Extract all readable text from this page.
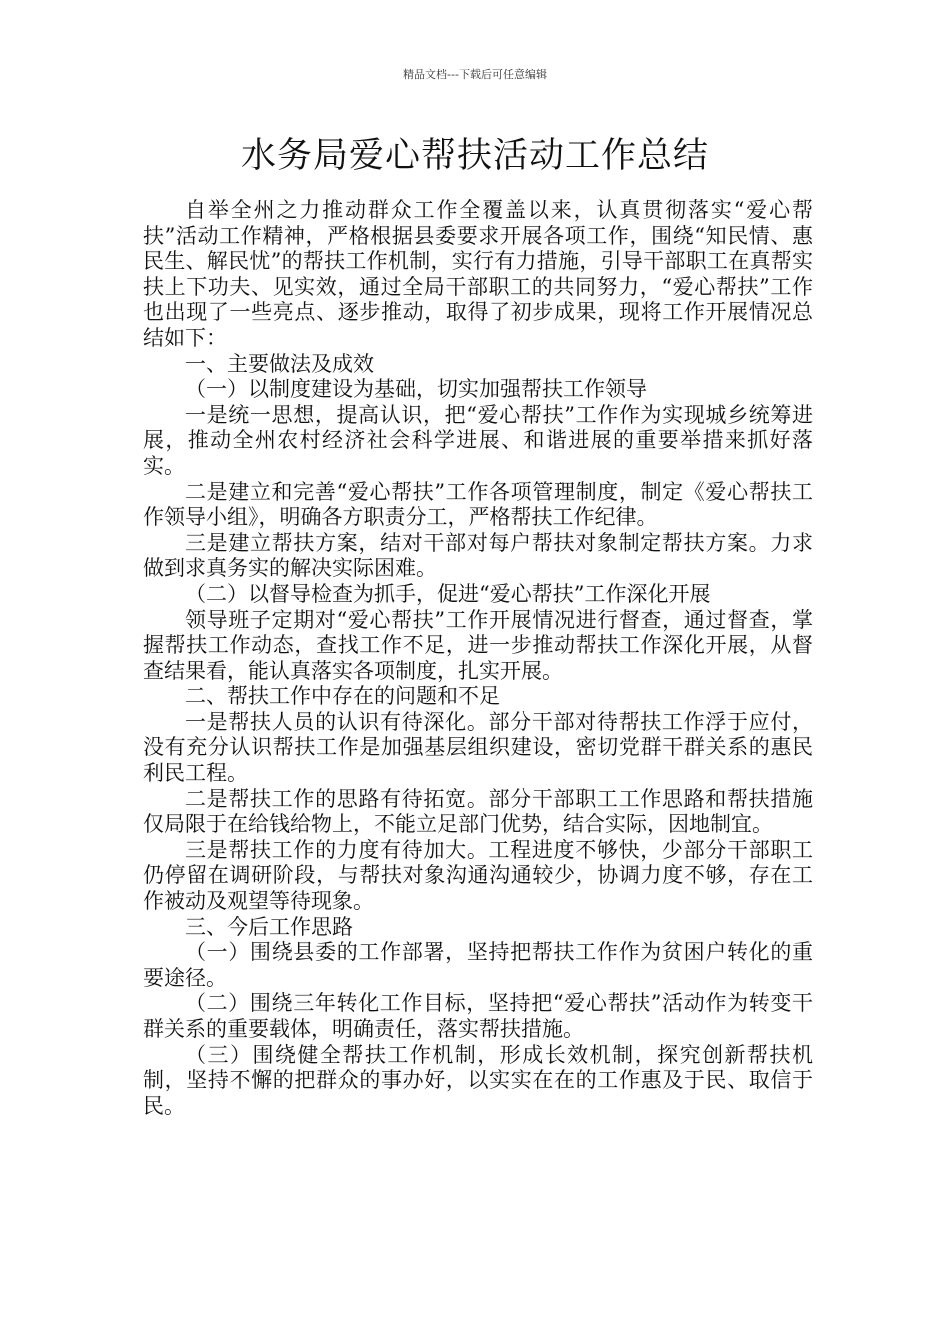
精品文档---下载后可任意编辑
水务局爱心帮扶活动工作总结

自举全州之力推动群众工作全覆盖以来，认真贯彻落实“爱心帮扶”活动工作精神，严格根据县委要求开展各项工作，围绕“知民情、惠民生、解民忧”的帮扶工作机制，实行有力措施，引导干部职工在真帮实扶上下功夫、见实效，通过全局干部职工的共同努力，“爱心帮扶”工作也出现了一些亮点、逐步推动，取得了初步成果，现将工作开展情况总结如下：

一、主要做法及成效

（一）以制度建设为基础，切实加强帮扶工作领导

一是统一思想，提高认识，把“爱心帮扶”工作作为实现城乡统筹进展，推动全州农村经济社会科学进展、和谐进展的重要举措来抓好落实。

二是建立和完善“爱心帮扶”工作各项管理制度，制定《爱心帮扶工作领导小组》，明确各方职责分工，严格帮扶工作纪律。

三是建立帮扶方案，结对干部对每户帮扶对象制定帮扶方案。力求做到求真务实的解决实际困难。

（二）以督导检查为抓手，促进“爱心帮扶”工作深化开展

领导班子定期对“爱心帮扶”工作开展情况进行督查，通过督查，掌握帮扶工作动态，查找工作不足，进一步推动帮扶工作深化开展，从督查结果看，能认真落实各项制度，扎实开展。

二、帮扶工作中存在的问题和不足

一是帮扶人员的认识有待深化。部分干部对待帮扶工作浮于应付，没有充分认识帮扶工作是加强基层组织建设，密切党群干群关系的惠民利民工程。

二是帮扶工作的思路有待拓宽。部分干部职工工作思路和帮扶措施仅局限于在给钱给物上，不能立足部门优势，结合实际，因地制宜。

三是帮扶工作的力度有待加大。工程进度不够快，少部分干部职工仍停留在调研阶段，与帮扶对象沟通沟通较少，协调力度不够，存在工作被动及观望等待现象。

三、今后工作思路

（一）围绕县委的工作部署，坚持把帮扶工作作为贫困户转化的重要途径。

（二）围绕三年转化工作目标，坚持把“爱心帮扶”活动作为转变干群关系的重要载体，明确责任，落实帮扶措施。

（三）围绕健全帮扶工作机制，形成长效机制，探究创新帮扶机制，坚持不懈的把群众的事办好，以实实在在的工作惠及于民、取信于民。
